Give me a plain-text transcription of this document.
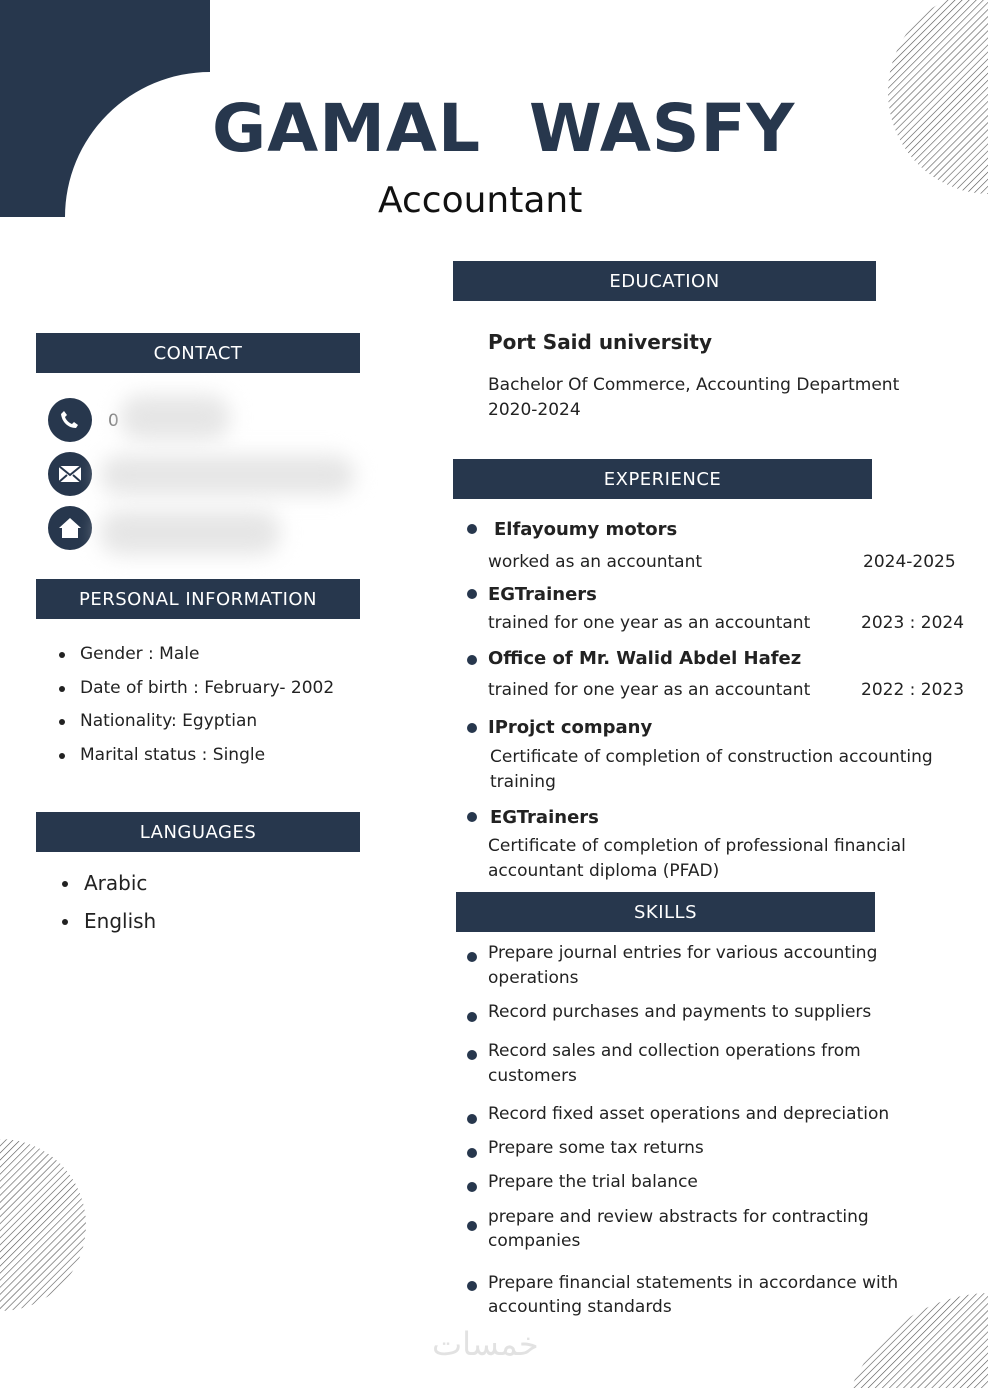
GAMAL  WASFY
Accountant
CONTACT
0
PERSONAL INFORMATION
Gender : Male
Date of birth : February- 2002
Nationality: Egyptian
Marital status : Single
LANGUAGES
Arabic
English
EDUCATION
Port Said university
Bachelor Of Commerce, Accounting Department
2020-2024
EXPERIENCE
Elfayoumy motors
worked as an accountant	2024-2025
EGTrainers
trained for one year as an accountant	2023 : 2024
Office of Mr. Walid Abdel Hafez
trained for one year as an accountant	2022 : 2023
IProjct company
Certificate of completion of construction accounting
training
EGTrainers
Certificate of completion of professional financial
accountant diploma (PFAD)
SKILLS
Prepare journal entries for various accounting
operations
Record purchases and payments to suppliers
Record sales and collection operations from
customers
Record fixed asset operations and depreciation
Prepare some tax returns
Prepare the trial balance
prepare and review abstracts for contracting
companies
Prepare financial statements in accordance with
accounting standards
خمسات
